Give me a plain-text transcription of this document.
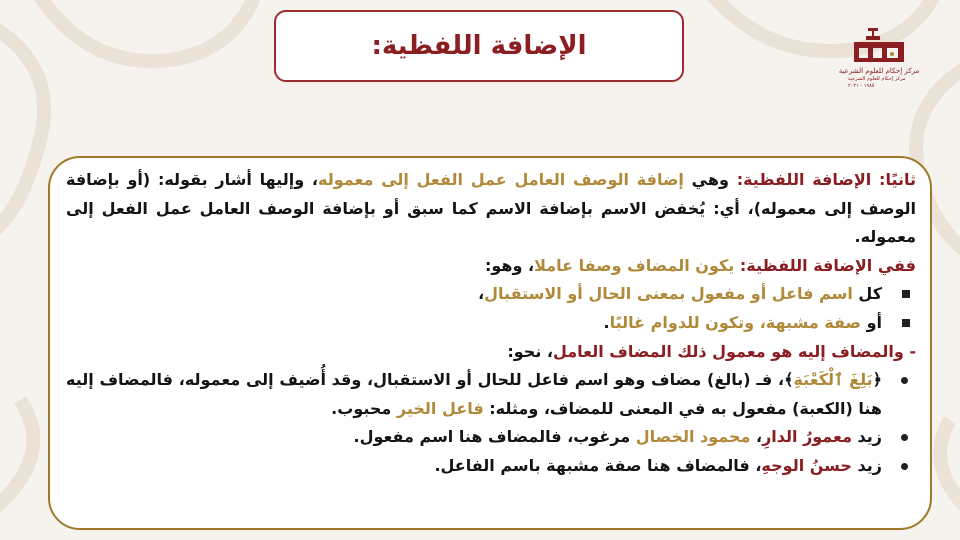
الإضافة اللفظية:
مركز إحكام للعلوم الشرعية
مركز إحكام للعلوم الشرعية ١٩٨٥ - ٢٠٢١

ثانيًا: الإضافة اللفظية: وهي إضافة الوصف العامل عمل الفعل إلى معموله، وإليها أشار بقوله: (أو بإضافة الوصف إلى معموله)، أي: يُخفض الاسم بإضافة الاسم كما سبق أو بإضافة الوصف العامل عمل الفعل إلى معموله.

ففي الإضافة اللفظية: يكون المضاف وصفا عاملا، وهو:

كل اسم فاعل أو مفعول بمعنى الحال أو الاستقبال،
أو صفة مشبهة، وتكون للدوام غالبًا.

- والمضاف إليه هو معمول ذلك المضاف العامل، نحو:

﴿بَلِغَ ٱلْكَعْبَةِ﴾، فـ (بالغ) مضاف وهو اسم فاعل للحال أو الاستقبال، وقد أُضيف إلى معموله، فالمضاف إليه هنا (الكعبة) مفعول به في المعنى للمضاف، ومثله: فاعل الخير محبوب.
زيد معمورُ الدارِ، محمود الخصال مرغوب، فالمضاف هنا اسم مفعول.
زيد حسنُ الوجهِ، فالمضاف هنا صفة مشبهة باسم الفاعل.
